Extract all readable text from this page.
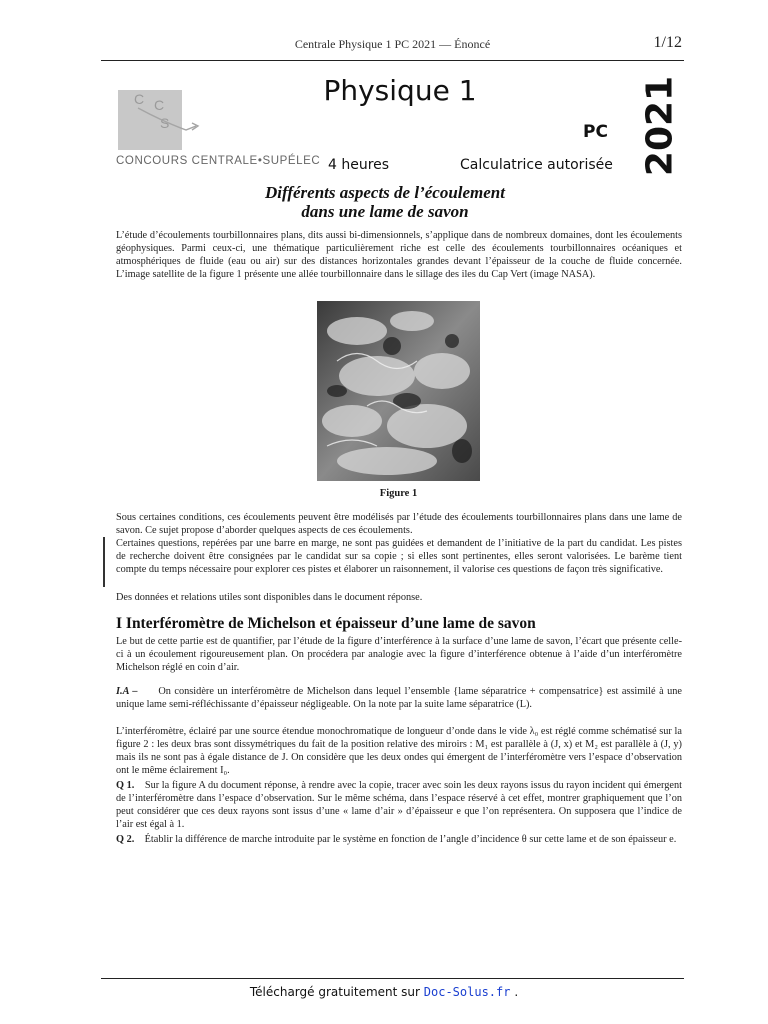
Centrale Physique 1 PC 2021 — Énoncé	1/12
C C
S
CONCOURS CENTRALE•SUPÉLEC
Physique 1
PC 2021
4 heures	Calculatrice autorisée
Différents aspects de l’écoulement
dans une lame de savon

L’étude d’écoulements tourbillonnaires plans, dits aussi bi-dimensionnels, s’applique dans de nombreux domaines, dont les écoulements géophysiques. Parmi ceux-ci, une thématique particulièrement riche est celle des écoulements tourbillonnaires océaniques et atmosphériques de fluide (eau ou air) sur des distances horizontales grandes devant l’épaisseur de la couche de fluide concernée. L’image satellite de la figure 1 présente une allée tourbillonnaire dans le sillage des iles du Cap Vert (image NASA).

Figure 1

Sous certaines conditions, ces écoulements peuvent être modélisés par l’étude des écoulements tourbillonnaires plans dans une lame de savon. Ce sujet propose d’aborder quelques aspects de ces écoulements.

Certaines questions, repérées par une barre en marge, ne sont pas guidées et demandent de l’initiative de la part du candidat. Les pistes de recherche doivent être consignées par le candidat sur sa copie ; si elles sont pertinentes, elles seront valorisées. Le barème tient compte du temps nécessaire pour explorer ces pistes et élaborer un raisonnement, il valorise ces questions de façon très significative.

Des données et relations utiles sont disponibles dans le document réponse.

I Interféromètre de Michelson et épaisseur d’une lame de savon

Le but de cette partie est de quantifier, par l’étude de la figure d’interférence à la surface d’une lame de savon, l’écart que présente celle-ci à un écoulement rigoureusement plan. On procédera par analogie avec la figure d’interférence obtenue à l’aide d’un interféromètre Michelson réglé en coin d’air.

I.A – On considère un interféromètre de Michelson dans lequel l’ensemble {lame séparatrice + compensatrice} est assimilé à une unique lame semi-réfléchissante d’épaisseur négligeable. On la note par la suite lame séparatrice (L).

L’interféromètre, éclairé par une source étendue monochromatique de longueur d’onde dans le vide λ₀ est réglé comme schématisé sur la figure 2 : les deux bras sont dissymétriques du fait de la position relative des miroirs : M₁ est parallèle à (J, x) et M₂ est parallèle à (J, y) mais ils ne sont pas à égale distance de J. On considère que les deux ondes qui émergent de l’interféromètre vers l’espace d’observation ont le même éclairement I₀.

Q 1. Sur la figure A du document réponse, à rendre avec la copie, tracer avec soin les deux rayons issus du rayon incident qui émergent de l’interféromètre dans l’espace d’observation. Sur le même schéma, dans l’espace réservé à cet effet, montrer graphiquement que l’on peut considérer que ces deux rayons sont issus d’une « lame d’air » d’épaisseur e que l’on représentera. On supposera que l’indice de l’air est égal à 1.

Q 2. Établir la différence de marche introduite par le système en fonction de l’angle d’incidence θ sur cette lame et de son épaisseur e.

Téléchargé gratuitement sur Doc-Solus.fr .
